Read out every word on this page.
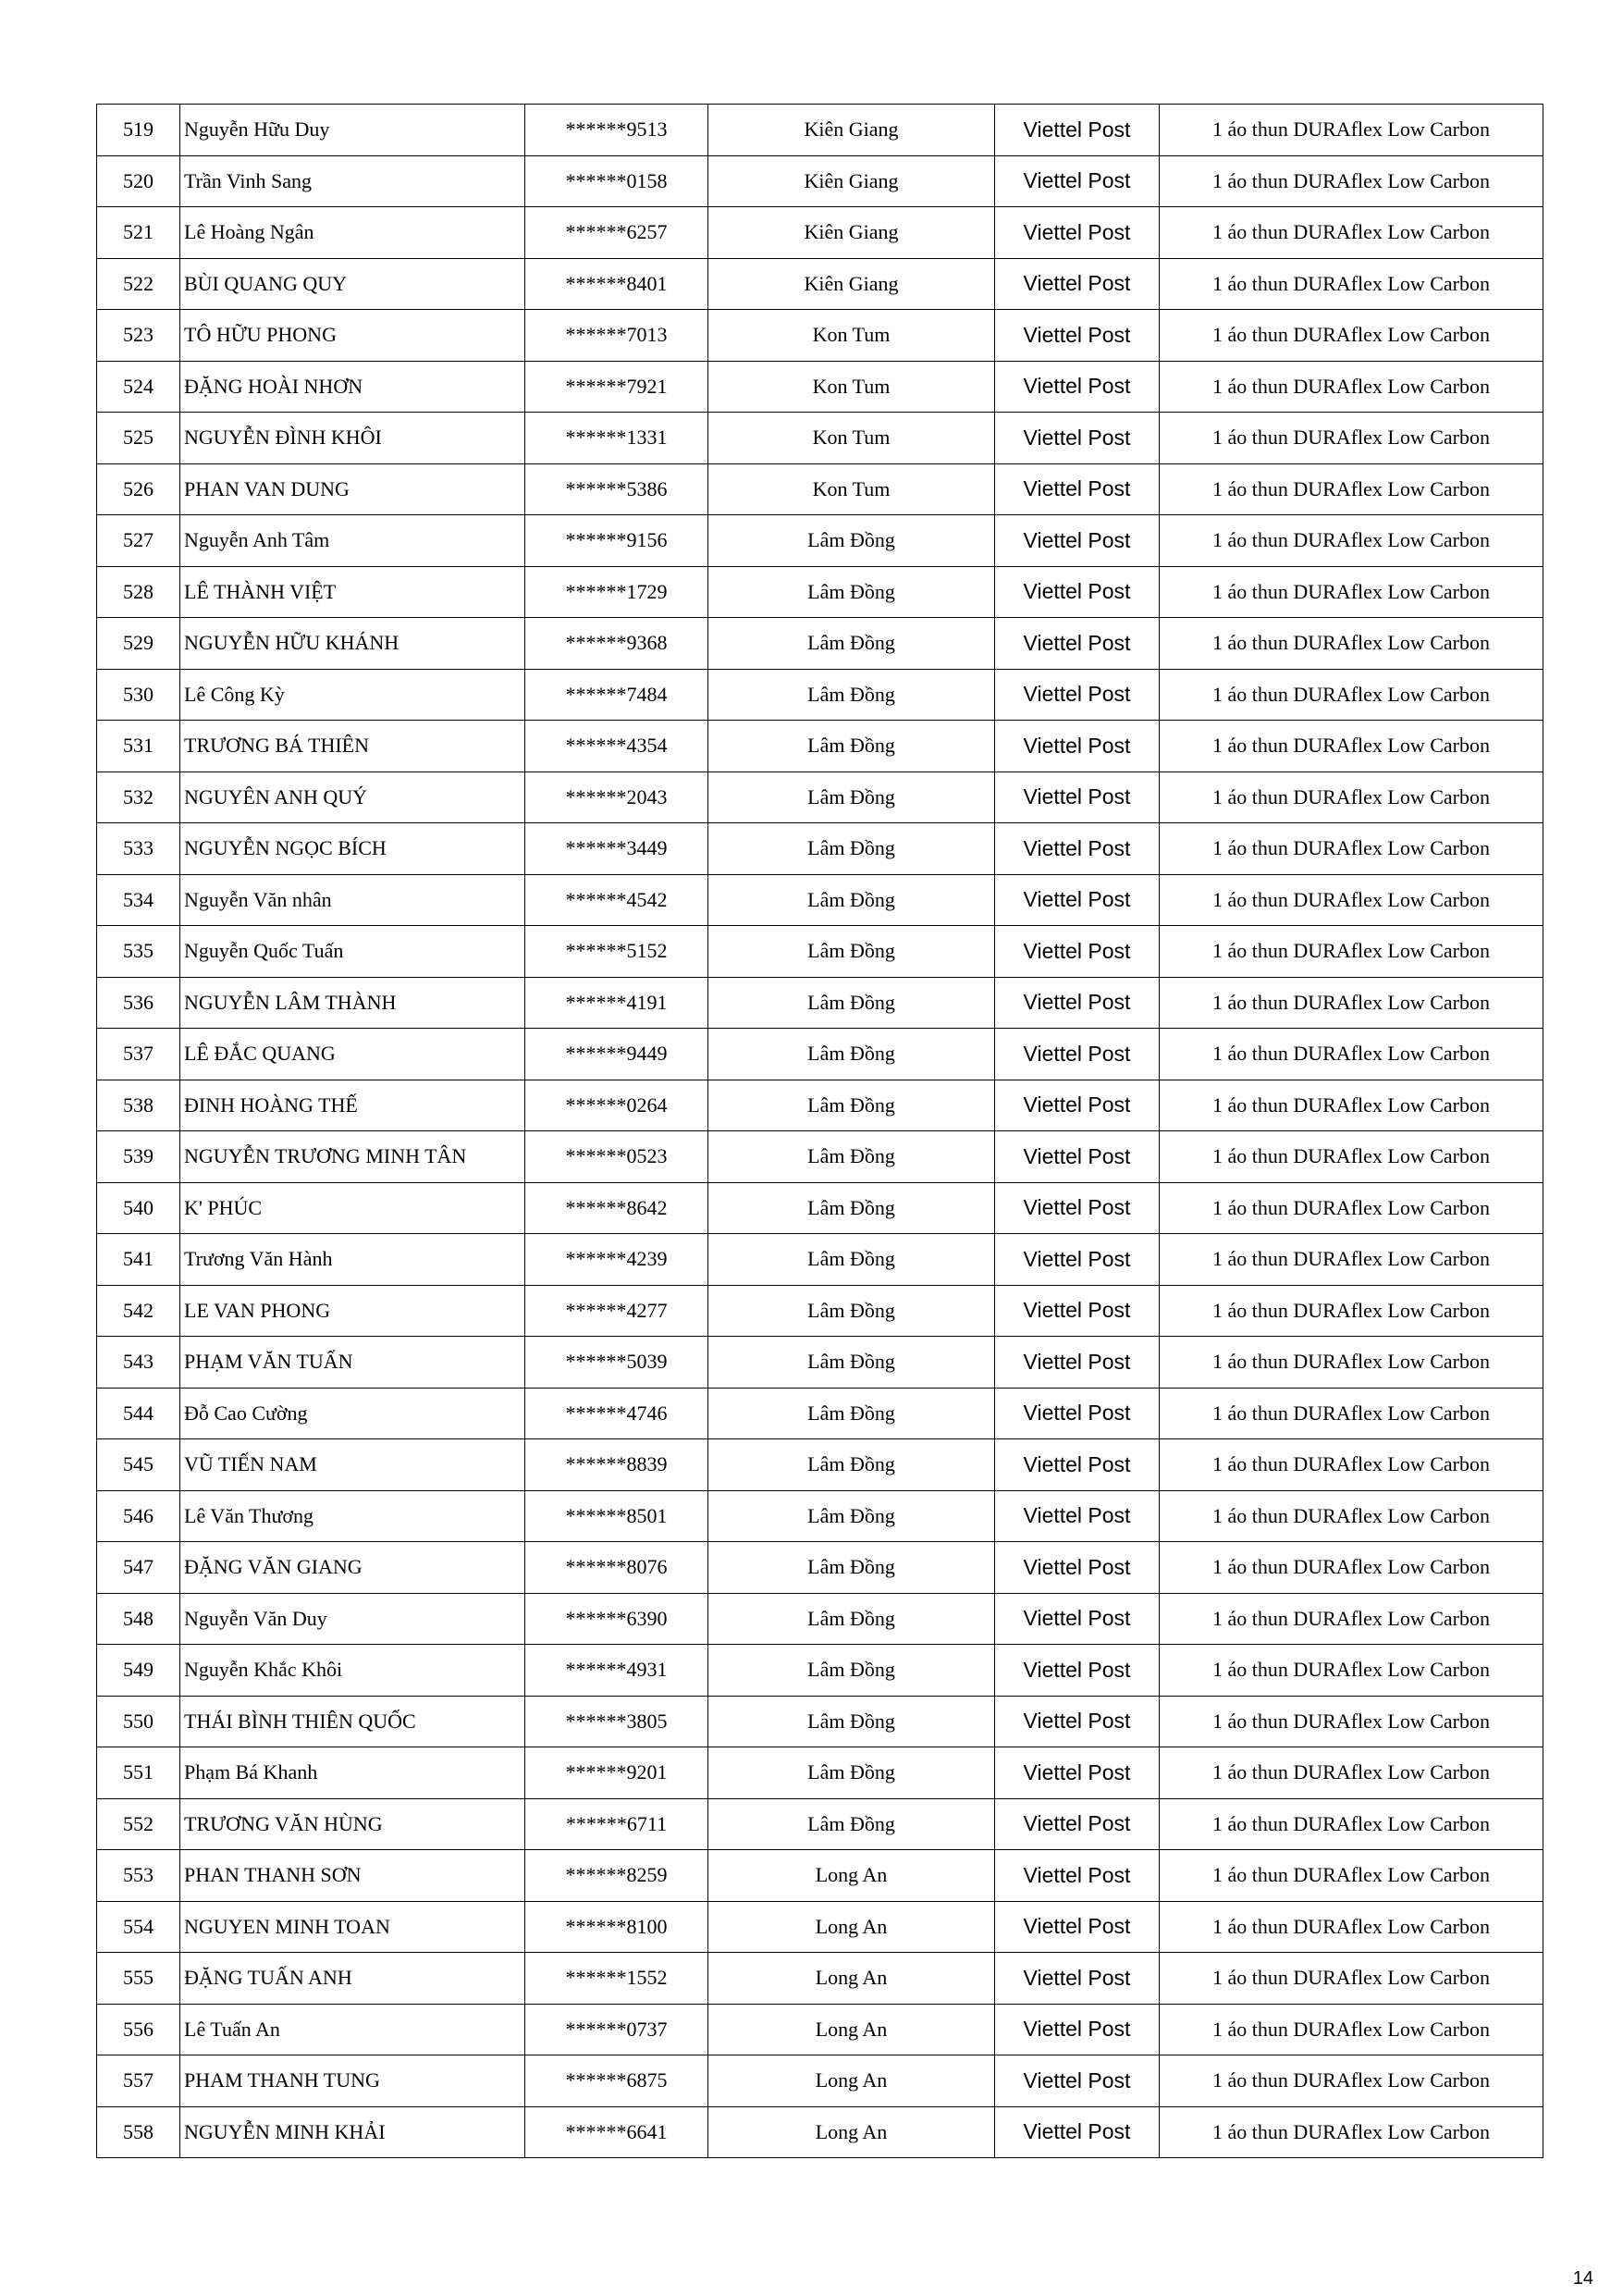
519	Nguyễn Hữu Duy	******9513	Kiên Giang	Viettel Post	1 áo thun DURAflex Low Carbon
520	Trần Vinh Sang	******0158	Kiên Giang	Viettel Post	1 áo thun DURAflex Low Carbon
521	Lê Hoàng Ngân	******6257	Kiên Giang	Viettel Post	1 áo thun DURAflex Low Carbon
522	BÙI QUANG QUY	******8401	Kiên Giang	Viettel Post	1 áo thun DURAflex Low Carbon
523	TÔ HỮU PHONG	******7013	Kon Tum	Viettel Post	1 áo thun DURAflex Low Carbon
524	ĐẶNG HOÀI NHƠN	******7921	Kon Tum	Viettel Post	1 áo thun DURAflex Low Carbon
525	NGUYỄN ĐÌNH KHÔI	******1331	Kon Tum	Viettel Post	1 áo thun DURAflex Low Carbon
526	PHAN VAN DUNG	******5386	Kon Tum	Viettel Post	1 áo thun DURAflex Low Carbon
527	Nguyễn Anh Tâm	******9156	Lâm Đồng	Viettel Post	1 áo thun DURAflex Low Carbon
528	LÊ THÀNH VIỆT	******1729	Lâm Đồng	Viettel Post	1 áo thun DURAflex Low Carbon
529	NGUYỄN HỮU KHÁNH	******9368	Lâm Đồng	Viettel Post	1 áo thun DURAflex Low Carbon
530	Lê Công Kỳ	******7484	Lâm Đồng	Viettel Post	1 áo thun DURAflex Low Carbon
531	TRƯƠNG BÁ THIÊN	******4354	Lâm Đồng	Viettel Post	1 áo thun DURAflex Low Carbon
532	NGUYÊN ANH QUÝ	******2043	Lâm Đồng	Viettel Post	1 áo thun DURAflex Low Carbon
533	NGUYỄN NGỌC BÍCH	******3449	Lâm Đồng	Viettel Post	1 áo thun DURAflex Low Carbon
534	Nguyễn Văn nhân	******4542	Lâm Đồng	Viettel Post	1 áo thun DURAflex Low Carbon
535	Nguyễn Quốc Tuấn	******5152	Lâm Đồng	Viettel Post	1 áo thun DURAflex Low Carbon
536	NGUYỄN LÂM THÀNH	******4191	Lâm Đồng	Viettel Post	1 áo thun DURAflex Low Carbon
537	LÊ ĐẮC QUANG	******9449	Lâm Đồng	Viettel Post	1 áo thun DURAflex Low Carbon
538	ĐINH HOÀNG THẾ	******0264	Lâm Đồng	Viettel Post	1 áo thun DURAflex Low Carbon
539	NGUYỄN TRƯƠNG MINH TÂN	******0523	Lâm Đồng	Viettel Post	1 áo thun DURAflex Low Carbon
540	K' PHÚC	******8642	Lâm Đồng	Viettel Post	1 áo thun DURAflex Low Carbon
541	Trương Văn Hành	******4239	Lâm Đồng	Viettel Post	1 áo thun DURAflex Low Carbon
542	LE VAN PHONG	******4277	Lâm Đồng	Viettel Post	1 áo thun DURAflex Low Carbon
543	PHẠM VĂN TUẤN	******5039	Lâm Đồng	Viettel Post	1 áo thun DURAflex Low Carbon
544	Đỗ Cao Cường	******4746	Lâm Đồng	Viettel Post	1 áo thun DURAflex Low Carbon
545	VŨ TIẾN NAM	******8839	Lâm Đồng	Viettel Post	1 áo thun DURAflex Low Carbon
546	Lê Văn Thương	******8501	Lâm Đồng	Viettel Post	1 áo thun DURAflex Low Carbon
547	ĐẶNG VĂN GIANG	******8076	Lâm Đồng	Viettel Post	1 áo thun DURAflex Low Carbon
548	Nguyễn Văn Duy	******6390	Lâm Đồng	Viettel Post	1 áo thun DURAflex Low Carbon
549	Nguyễn Khắc Khôi	******4931	Lâm Đồng	Viettel Post	1 áo thun DURAflex Low Carbon
550	THÁI BÌNH THIÊN QUỐC	******3805	Lâm Đồng	Viettel Post	1 áo thun DURAflex Low Carbon
551	Phạm Bá Khanh	******9201	Lâm Đồng	Viettel Post	1 áo thun DURAflex Low Carbon
552	TRƯƠNG VĂN HÙNG	******6711	Lâm Đồng	Viettel Post	1 áo thun DURAflex Low Carbon
553	PHAN THANH SƠN	******8259	Long An	Viettel Post	1 áo thun DURAflex Low Carbon
554	NGUYEN MINH TOAN	******8100	Long An	Viettel Post	1 áo thun DURAflex Low Carbon
555	ĐẶNG TUẤN ANH	******1552	Long An	Viettel Post	1 áo thun DURAflex Low Carbon
556	Lê Tuấn An	******0737	Long An	Viettel Post	1 áo thun DURAflex Low Carbon
557	PHAM THANH TUNG	******6875	Long An	Viettel Post	1 áo thun DURAflex Low Carbon
558	NGUYỄN MINH KHẢI	******6641	Long An	Viettel Post	1 áo thun DURAflex Low Carbon
14
